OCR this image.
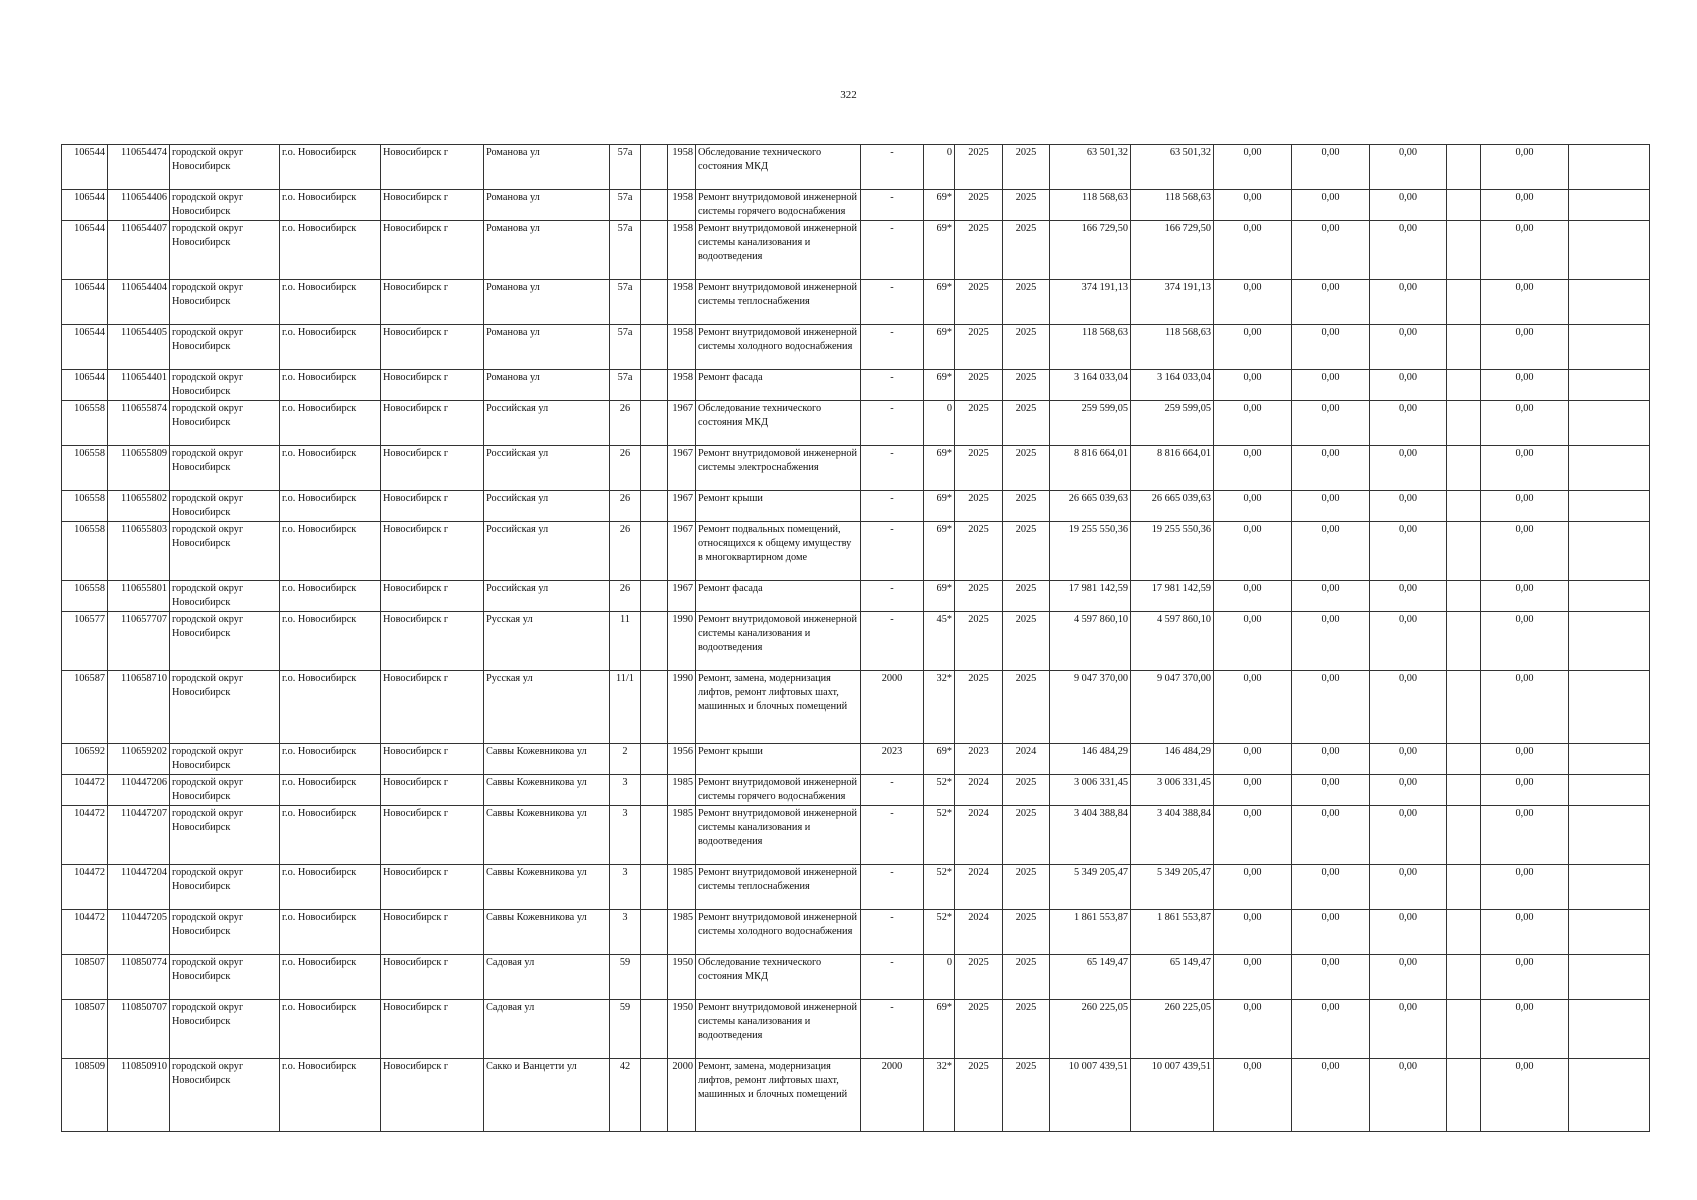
322
106544	110654474	городской округ Новосибирск	г.о. Новосибирск	Новосибирск г	Романова ул	57а		1958	Обследование технического состояния МКД	-	0	2025	2025	63 501,32	63 501,32	0,00	0,00	0,00		0,00	
106544	110654406	городской округ Новосибирск	г.о. Новосибирск	Новосибирск г	Романова ул	57а		1958	Ремонт внутридомовой инженерной системы горячего водоснабжения	-	69*	2025	2025	118 568,63	118 568,63	0,00	0,00	0,00		0,00	
106544	110654407	городской округ Новосибирск	г.о. Новосибирск	Новосибирск г	Романова ул	57а		1958	Ремонт внутридомовой инженерной системы канализования и водоотведения	-	69*	2025	2025	166 729,50	166 729,50	0,00	0,00	0,00		0,00	
106544	110654404	городской округ Новосибирск	г.о. Новосибирск	Новосибирск г	Романова ул	57а		1958	Ремонт внутридомовой инженерной системы теплоснабжения	-	69*	2025	2025	374 191,13	374 191,13	0,00	0,00	0,00		0,00	
106544	110654405	городской округ Новосибирск	г.о. Новосибирск	Новосибирск г	Романова ул	57а		1958	Ремонт внутридомовой инженерной системы холодного водоснабжения	-	69*	2025	2025	118 568,63	118 568,63	0,00	0,00	0,00		0,00	
106544	110654401	городской округ Новосибирск	г.о. Новосибирск	Новосибирск г	Романова ул	57а		1958	Ремонт фасада	-	69*	2025	2025	3 164 033,04	3 164 033,04	0,00	0,00	0,00		0,00	
106558	110655874	городской округ Новосибирск	г.о. Новосибирск	Новосибирск г	Российская ул	26		1967	Обследование технического состояния МКД	-	0	2025	2025	259 599,05	259 599,05	0,00	0,00	0,00		0,00	
106558	110655809	городской округ Новосибирск	г.о. Новосибирск	Новосибирск г	Российская ул	26		1967	Ремонт внутридомовой инженерной системы электроснабжения	-	69*	2025	2025	8 816 664,01	8 816 664,01	0,00	0,00	0,00		0,00	
106558	110655802	городской округ Новосибирск	г.о. Новосибирск	Новосибирск г	Российская ул	26		1967	Ремонт крыши	-	69*	2025	2025	26 665 039,63	26 665 039,63	0,00	0,00	0,00		0,00	
106558	110655803	городской округ Новосибирск	г.о. Новосибирск	Новосибирск г	Российская ул	26		1967	Ремонт подвальных помещений, относящихся к общему имуществу в многоквартирном доме	-	69*	2025	2025	19 255 550,36	19 255 550,36	0,00	0,00	0,00		0,00	
106558	110655801	городской округ Новосибирск	г.о. Новосибирск	Новосибирск г	Российская ул	26		1967	Ремонт фасада	-	69*	2025	2025	17 981 142,59	17 981 142,59	0,00	0,00	0,00		0,00	
106577	110657707	городской округ Новосибирск	г.о. Новосибирск	Новосибирск г	Русская ул	11		1990	Ремонт внутридомовой инженерной системы канализования и водоотведения	-	45*	2025	2025	4 597 860,10	4 597 860,10	0,00	0,00	0,00		0,00	
106587	110658710	городской округ Новосибирск	г.о. Новосибирск	Новосибирск г	Русская ул	11/1		1990	Ремонт, замена, модернизация лифтов, ремонт лифтовых шахт, машинных и блочных помещений	2000	32*	2025	2025	9 047 370,00	9 047 370,00	0,00	0,00	0,00		0,00	
106592	110659202	городской округ Новосибирск	г.о. Новосибирск	Новосибирск г	Саввы Кожевникова ул	2		1956	Ремонт крыши	2023	69*	2023	2024	146 484,29	146 484,29	0,00	0,00	0,00		0,00	
104472	110447206	городской округ Новосибирск	г.о. Новосибирск	Новосибирск г	Саввы Кожевникова ул	3		1985	Ремонт внутридомовой инженерной системы горячего водоснабжения	-	52*	2024	2025	3 006 331,45	3 006 331,45	0,00	0,00	0,00		0,00	
104472	110447207	городской округ Новосибирск	г.о. Новосибирск	Новосибирск г	Саввы Кожевникова ул	3		1985	Ремонт внутридомовой инженерной системы канализования и водоотведения	-	52*	2024	2025	3 404 388,84	3 404 388,84	0,00	0,00	0,00		0,00	
104472	110447204	городской округ Новосибирск	г.о. Новосибирск	Новосибирск г	Саввы Кожевникова ул	3		1985	Ремонт внутридомовой инженерной системы теплоснабжения	-	52*	2024	2025	5 349 205,47	5 349 205,47	0,00	0,00	0,00		0,00	
104472	110447205	городской округ Новосибирск	г.о. Новосибирск	Новосибирск г	Саввы Кожевникова ул	3		1985	Ремонт внутридомовой инженерной системы холодного водоснабжения	-	52*	2024	2025	1 861 553,87	1 861 553,87	0,00	0,00	0,00		0,00	
108507	110850774	городской округ Новосибирск	г.о. Новосибирск	Новосибирск г	Садовая ул	59		1950	Обследование технического состояния МКД	-	0	2025	2025	65 149,47	65 149,47	0,00	0,00	0,00		0,00	
108507	110850707	городской округ Новосибирск	г.о. Новосибирск	Новосибирск г	Садовая ул	59		1950	Ремонт внутридомовой инженерной системы канализования и водоотведения	-	69*	2025	2025	260 225,05	260 225,05	0,00	0,00	0,00		0,00	
108509	110850910	городской округ Новосибирск	г.о. Новосибирск	Новосибирск г	Сакко и Ванцетти ул	42		2000	Ремонт, замена, модернизация лифтов, ремонт лифтовых шахт, машинных и блочных помещений	2000	32*	2025	2025	10 007 439,51	10 007 439,51	0,00	0,00	0,00		0,00	
